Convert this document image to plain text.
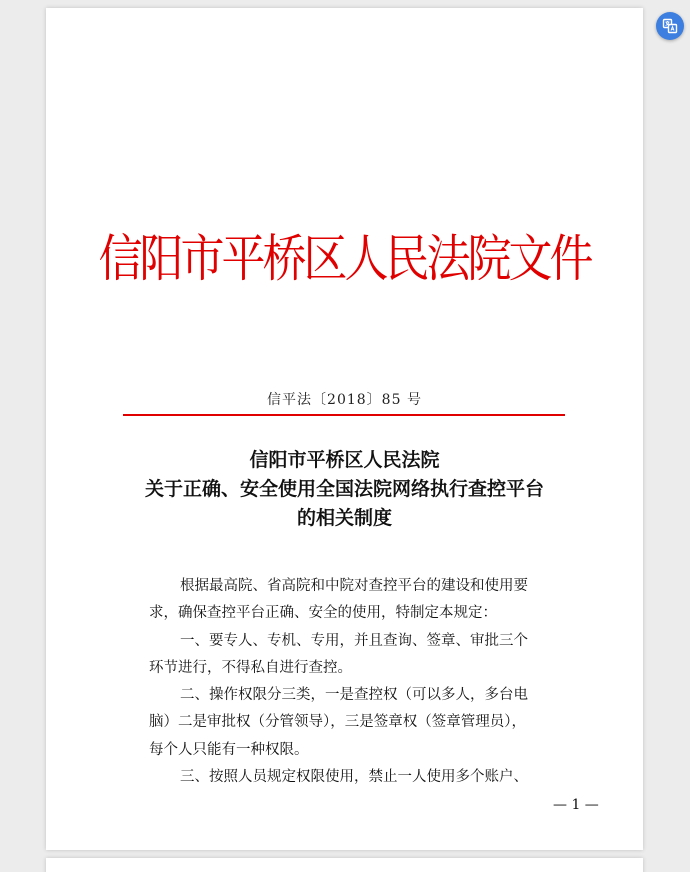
信阳市平桥区人民法院文件
信平法〔2018〕85 号
信阳市平桥区人民法院
关于正确、安全使用全国法院网络执行查控平台
的相关制度
根据最高院、省高院和中院对查控平台的建设和使用要
求，确保查控平台正确、安全的使用，特制定本规定：
一、要专人、专机、专用，并且查询、签章、审批三个
环节进行，不得私自进行查控。
二、操作权限分三类，一是查控权（可以多人，多台电
脑）二是审批权（分管领导），三是签章权（签章管理员），
每个人只能有一种权限。
三、按照人员规定权限使用，禁止一人使用多个账户、
— 1 —
